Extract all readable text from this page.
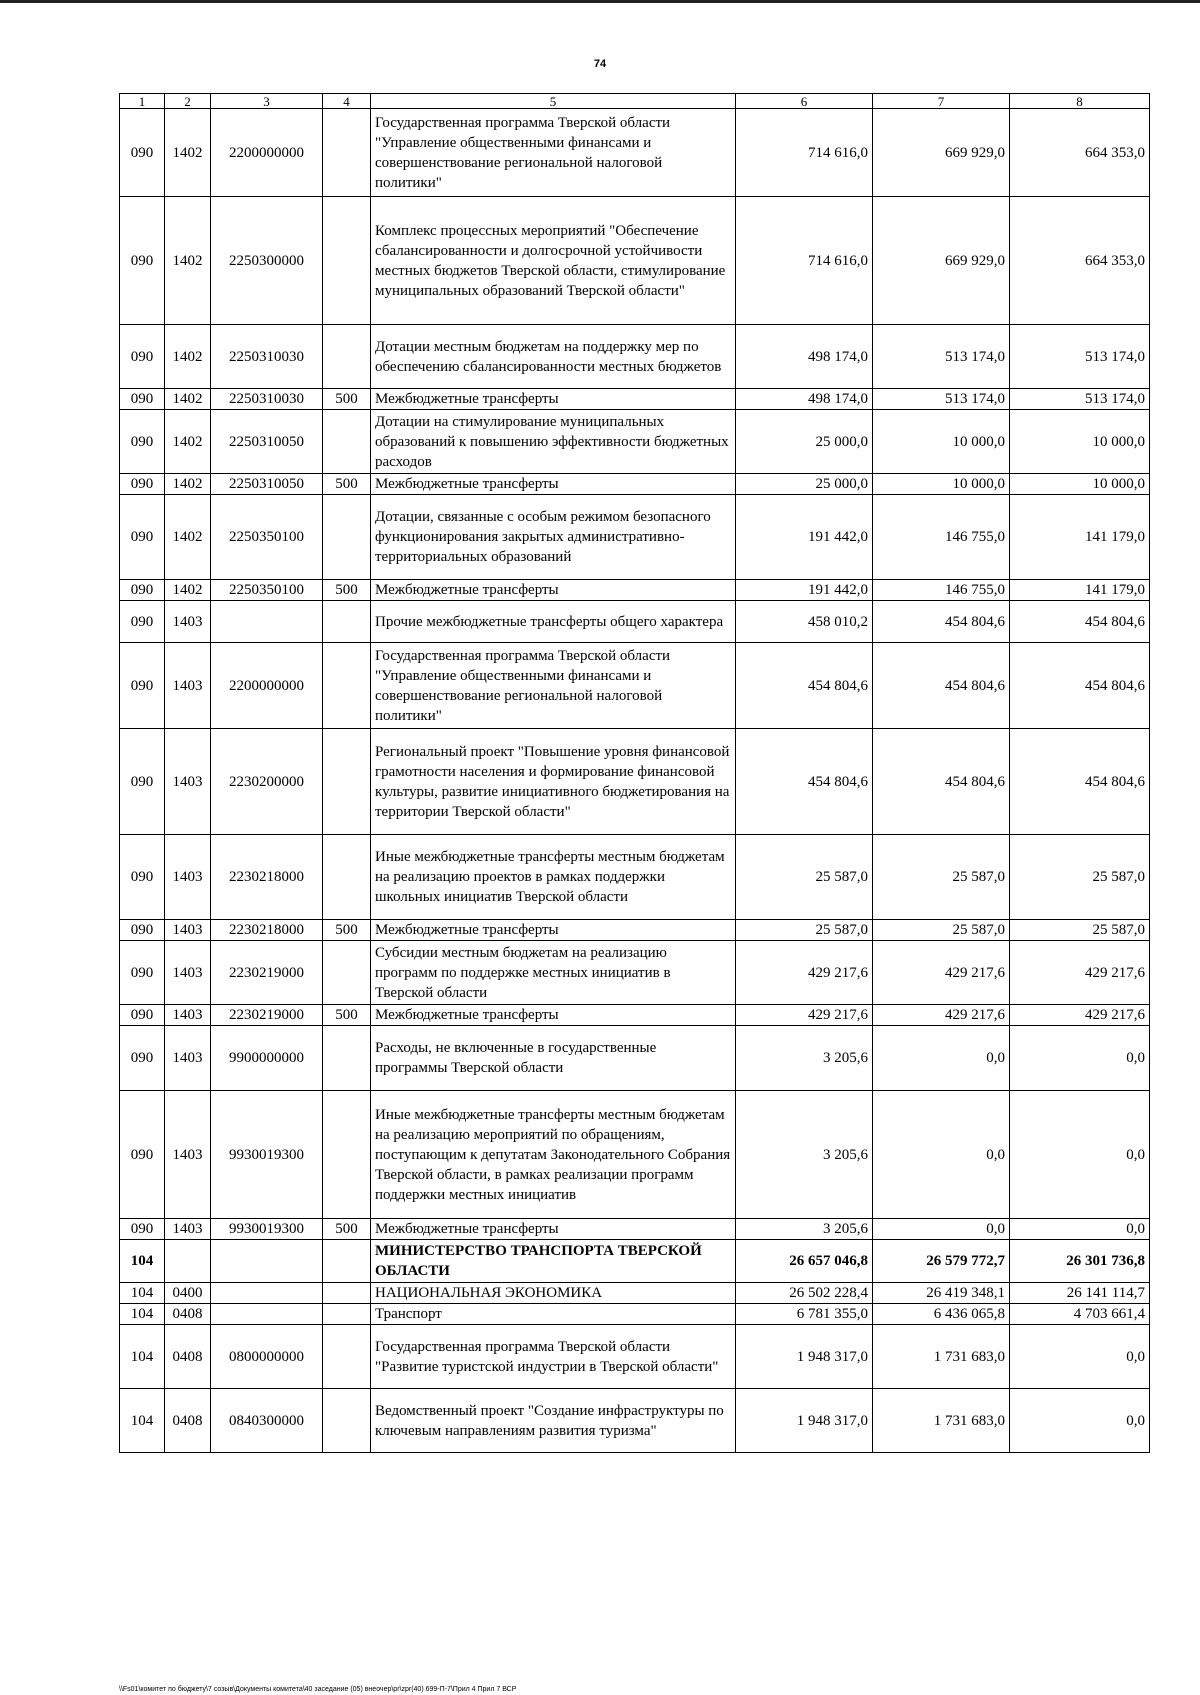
74
1	2	3	4	5	6	7	8
090	1402	2200000000		Государственная программа Тверской области "Управление общественными финансами и совершенствование региональной налоговой политики"	714 616,0	669 929,0	664 353,0
090	1402	2250300000		Комплекс процессных мероприятий "Обеспечение сбалансированности и долгосрочной устойчивости местных бюджетов Тверской области, стимулирование муниципальных образований Тверской области"	714 616,0	669 929,0	664 353,0
090	1402	2250310030		Дотации местным бюджетам на поддержку мер по обеспечению сбалансированности местных бюджетов	498 174,0	513 174,0	513 174,0
090	1402	2250310030	500	Межбюджетные трансферты	498 174,0	513 174,0	513 174,0
090	1402	2250310050		Дотации на стимулирование муниципальных образований к повышению эффективности бюджетных расходов	25 000,0	10 000,0	10 000,0
090	1402	2250310050	500	Межбюджетные трансферты	25 000,0	10 000,0	10 000,0
090	1402	2250350100		Дотации, связанные с особым режимом безопасного функционирования закрытых административно-территориальных образований	191 442,0	146 755,0	141 179,0
090	1402	2250350100	500	Межбюджетные трансферты	191 442,0	146 755,0	141 179,0
090	1403			Прочие межбюджетные трансферты общего характера	458 010,2	454 804,6	454 804,6
090	1403	2200000000		Государственная программа Тверской области "Управление общественными финансами и совершенствование региональной налоговой политики"	454 804,6	454 804,6	454 804,6
090	1403	2230200000		Региональный проект "Повышение уровня финансовой грамотности населения и формирование финансовой культуры, развитие инициативного бюджетирования на территории Тверской области"	454 804,6	454 804,6	454 804,6
090	1403	2230218000		Иные межбюджетные трансферты местным бюджетам на реализацию проектов в рамках поддержки школьных инициатив Тверской области	25 587,0	25 587,0	25 587,0
090	1403	2230218000	500	Межбюджетные трансферты	25 587,0	25 587,0	25 587,0
090	1403	2230219000		Субсидии местным бюджетам на реализацию программ по поддержке местных инициатив в Тверской области	429 217,6	429 217,6	429 217,6
090	1403	2230219000	500	Межбюджетные трансферты	429 217,6	429 217,6	429 217,6
090	1403	9900000000		Расходы, не включенные в государственные программы Тверской области	3 205,6	0,0	0,0
090	1403	9930019300		Иные межбюджетные трансферты местным бюджетам на реализацию мероприятий по обращениям, поступающим к депутатам Законодательного Собрания Тверской области, в рамках реализации программ поддержки местных инициатив	3 205,6	0,0	0,0
090	1403	9930019300	500	Межбюджетные трансферты	3 205,6	0,0	0,0
104				МИНИСТЕРСТВО ТРАНСПОРТА ТВЕРСКОЙ ОБЛАСТИ	26 657 046,8	26 579 772,7	26 301 736,8
104	0400			НАЦИОНАЛЬНАЯ ЭКОНОМИКА	26 502 228,4	26 419 348,1	26 141 114,7
104	0408			Транспорт	6 781 355,0	6 436 065,8	4 703 661,4
104	0408	0800000000		Государственная программа Тверской области "Развитие туристской индустрии в Тверской области"	1 948 317,0	1 731 683,0	0,0
104	0408	0840300000		Ведомственный проект "Создание инфраструктуры по ключевым направлениям развития туризма"	1 948 317,0	1 731 683,0	0,0
\\Fs01\комитет по бюджету\7 созыв\Документы комитета\40 заседание (05) внеочер\pr\zpr(40) 699-П-7\Прил 4 Прил 7 ВСР
